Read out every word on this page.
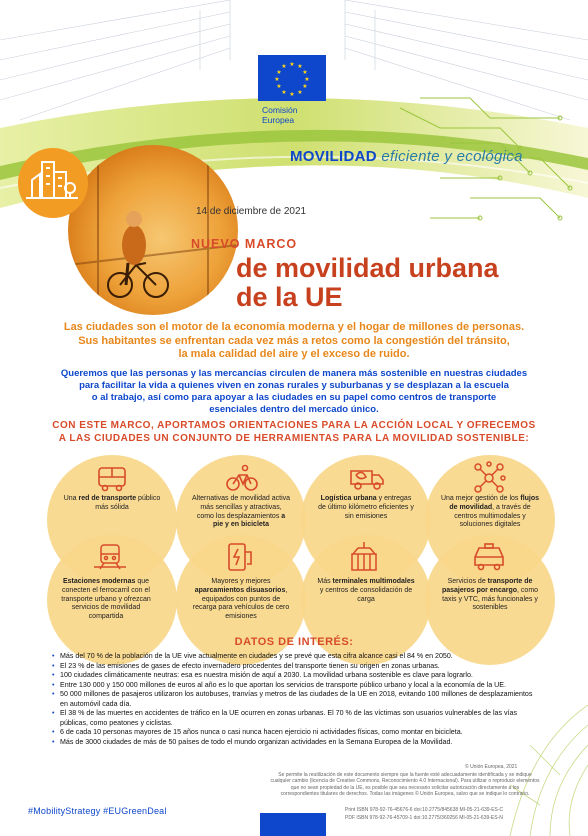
★ ★
★
★
★
★
★
★
★
★
★
★
Comisión
Europea
MOVILIDAD eficiente y ecológica
14 de diciembre de 2021
NUEVO MARCO
de movilidad urbana
de la UE
Las ciudades son el motor de la economía moderna y el hogar de millones de personas.
Sus habitantes se enfrentan cada vez más a retos como la congestión del tránsito,
la mala calidad del aire y el exceso de ruido.
Queremos que las personas y las mercancías circulen de manera más sostenible en nuestras ciudades
para facilitar la vida a quienes viven en zonas rurales y suburbanas y se desplazan a la escuela
o al trabajo, así como para apoyar a las ciudades en su papel como centros de transporte
esenciales dentro del mercado único.
CON ESTE MARCO, APORTAMOS ORIENTACIONES PARA LA ACCIÓN LOCAL Y OFRECEMOS
A LAS CIUDADES UN CONJUNTO DE HERRAMIENTAS PARA LA MOVILIDAD SOSTENIBLE:
Una red de transporte público más sólida
Alternativas de movilidad activa más sencillas y atractivas, como los desplazamientos a pie y en bicicleta
Logística urbana y entregas de último kilómetro eficientes y sin emisiones
Una mejor gestión de los flujos de movilidad, a través de centros multimodales y soluciones digitales
Estaciones modernas que conecten el ferrocarril con el transporte urbano y ofrezcan servicios de movilidad compartida
Mayores y mejores aparcamientos disuasorios, equipados con puntos de recarga para vehículos de cero emisiones
Más terminales multimodales y centros de consolidación de carga
Servicios de transporte de pasajeros por encargo, como taxis y VTC, más funcionales y sostenibles
DATOS DE INTERÉS:
• Más del 70 % de la población de la UE vive actualmente en ciudades y se prevé que esta cifra alcance casi el 84 % en 2050.
• El 23 % de las emisiones de gases de efecto invernadero procedentes del transporte tienen su origen en zonas urbanas.
• 100 ciudades climáticamente neutras: esa es nuestra misión de aquí a 2030. La movilidad urbana sostenible es clave para lograrlo.
• Entre 130 000 y 150 000 millones de euros al año es lo que aportan los servicios de transporte público urbano y local a la economía de la UE.
• 50 000 millones de pasajeros utilizaron los autobuses, tranvías y metros de las ciudades de la UE en 2018, evitando 100 millones de desplazamientos en automóvil cada día.
• El 38 % de las muertes en accidentes de tráfico en la UE ocurren en zonas urbanas. El 70 % de las víctimas son usuarios vulnerables de las vías públicas, como peatones y ciclistas.
• 6 de cada 10 personas mayores de 15 años nunca o casi nunca hacen ejercicio ni actividades físicas, como montar en bicicleta.
• Más de 3000 ciudades de más de 50 países de todo el mundo organizan actividades en la Semana Europea de la Movilidad.
© Unión Europea, 2021
Se permite la reutilización de este documento siempre que la fuente esté adecuadamente identificada y se indique
cualquier cambio (licencia de Creative Commons, Reconocimiento 4.0 Internacional). Para utilizar o reproducir elementos
que no sean propiedad de la UE, es posible que sea necesario solicitar autorización directamente a los
correspondientes titulares de derechos. Todas las imágenes © Unión Europea, salvo que se indique lo contrario.
Print ISBN 978-92-76-45676-6 doi:10.2775/845638 MI-05-21-639-ES-C
PDF ISBN 978-92-76-45709-1 doi:10.2775/360256 MI-05-21-639-ES-N
#MobilityStrategy #EUGreenDeal
